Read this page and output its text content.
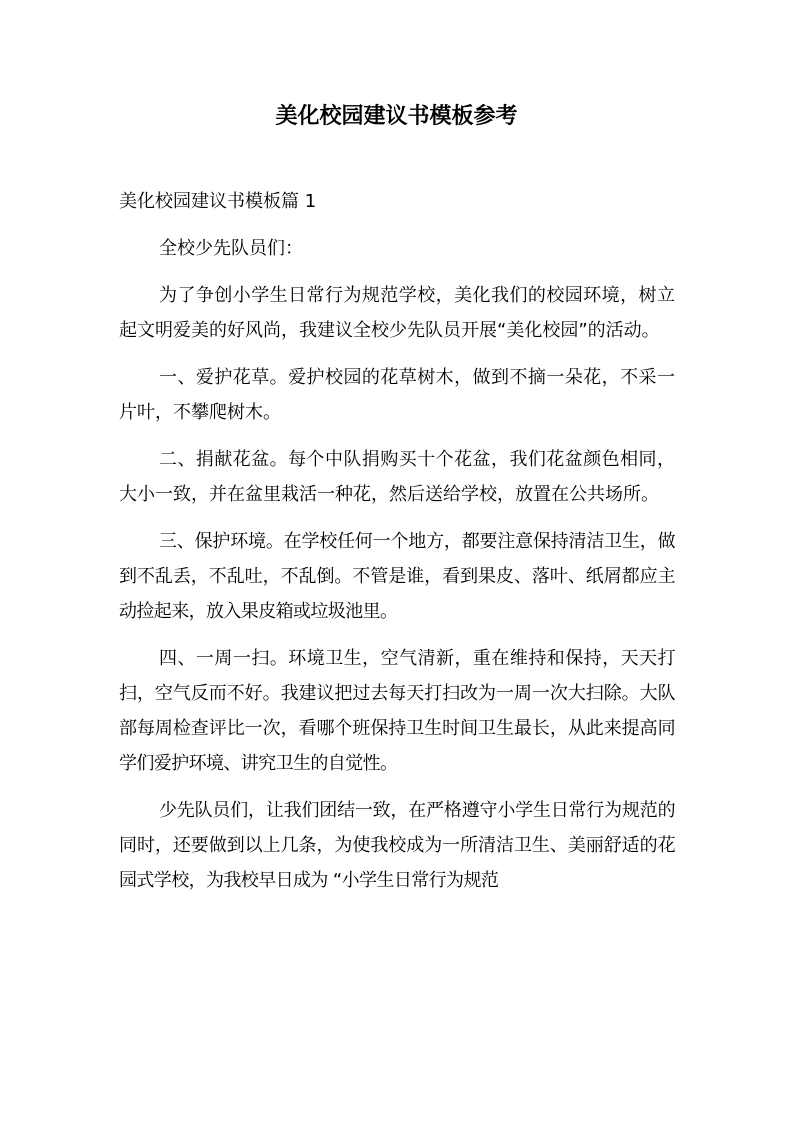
美化校园建议书模板参考

美化校园建议书模板篇 1

全校少先队员们：

为了争创小学生日常行为规范学校，美化我们的校园环境，树立起文明爱美的好风尚，我建议全校少先队员开展“美化校园”的活动。

一、爱护花草。爱护校园的花草树木，做到不摘一朵花，不采一片叶，不攀爬树木。

二、捐献花盆。每个中队捐购买十个花盆，我们花盆颜色相同，大小一致，并在盆里栽活一种花，然后送给学校，放置在公共场所。

三、保护环境。在学校任何一个地方，都要注意保持清洁卫生，做到不乱丢，不乱吐，不乱倒。不管是谁，看到果皮、落叶、纸屑都应主动捡起来，放入果皮箱或垃圾池里。

四、一周一扫。环境卫生，空气清新，重在维持和保持，天天打扫，空气反而不好。我建议把过去每天打扫改为一周一次大扫除。大队部每周检查评比一次，看哪个班保持卫生时间卫生最长，从此来提高同学们爱护环境、讲究卫生的自觉性。

少先队员们，让我们团结一致，在严格遵守小学生日常行为规范的同时，还要做到以上几条，为使我校成为一所清洁卫生、美丽舒适的花园式学校，为我校早日成为 “小学生日常行为规范
